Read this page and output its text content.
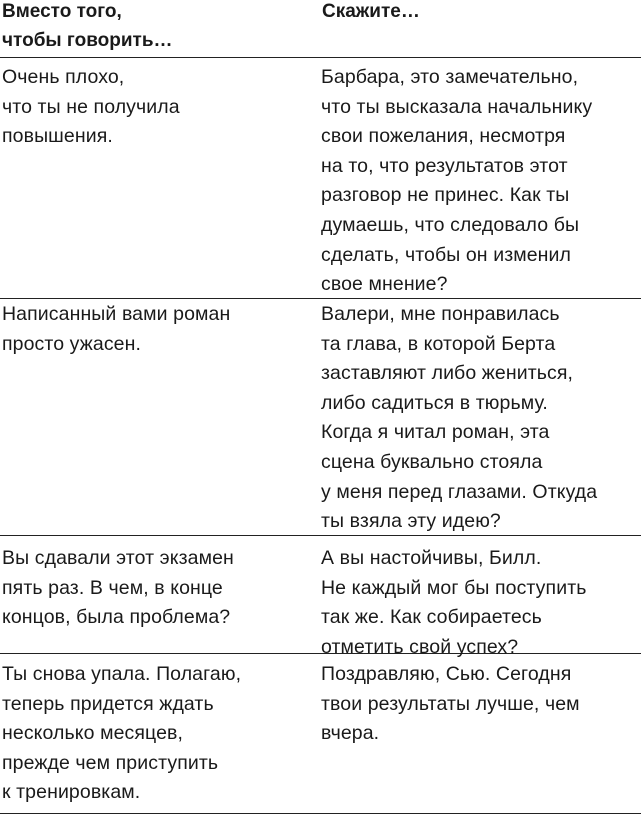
Вместо того,
чтобы говорить…
Скажите…
Очень плохо,
что ты не получила
повышения.
Барбара, это замечательно,
что ты высказала начальнику
свои пожелания, несмотря
на то, что результатов этот
разговор не принес. Как ты
думаешь, что следовало бы
сделать, чтобы он изменил
свое мнение?
Написанный вами роман
просто ужасен.
Валери, мне понравилась
та глава, в которой Берта
заставляют либо жениться,
либо садиться в тюрьму.
Когда я читал роман, эта
сцена буквально стояла
у меня перед глазами. Откуда
ты взяла эту идею?
Вы сдавали этот экзамен
пять раз. В чем, в конце
концов, была проблема?
А вы настойчивы, Билл.
Не каждый мог бы поступить
так же. Как собираетесь
отметить свой успех?
Ты снова упала. Полагаю,
теперь придется ждать
несколько месяцев,
прежде чем приступить
к тренировкам.
Поздравляю, Сью. Сегодня
твои результаты лучше, чем
вчера.
